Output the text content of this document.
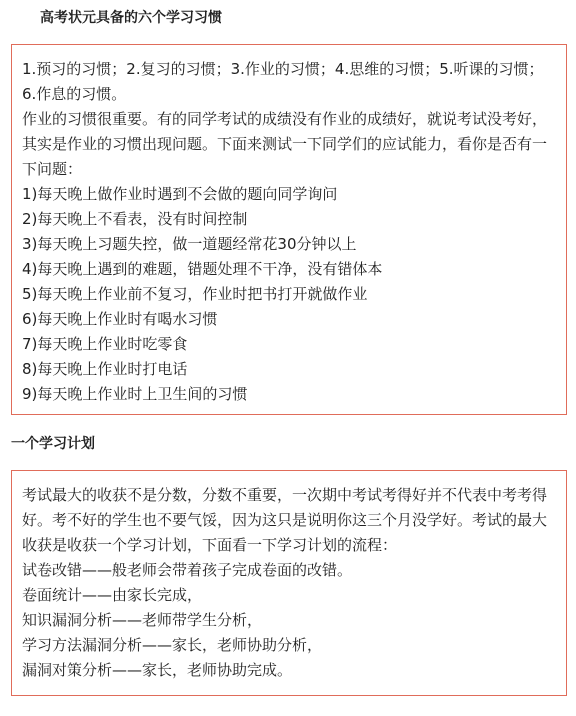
高考状元具备的六个学习习惯

1.预习的习惯；2.复习的习惯；3.作业的习惯；4.思维的习惯；5.听课的习惯；6.作息的习惯。

作业的习惯很重要。有的同学考试的成绩没有作业的成绩好，就说考试没考好，其实是作业的习惯出现问题。下面来测试一下同学们的应试能力，看你是否有一下问题：

1)每天晚上做作业时遇到不会做的题向同学询问

2)每天晚上不看表，没有时间控制

3)每天晚上习题失控，做一道题经常花30分钟以上

4)每天晚上遇到的难题，错题处理不干净，没有错体本

5)每天晚上作业前不复习，作业时把书打开就做作业

6)每天晚上作业时有喝水习惯

7)每天晚上作业时吃零食

8)每天晚上作业时打电话

9)每天晚上作业时上卫生间的习惯

一个学习计划

考试最大的收获不是分数，分数不重要，一次期中考试考得好并不代表中考考得好。考不好的学生也不要气馁，因为这只是说明你这三个月没学好。考试的最大收获是收获一个学习计划，下面看一下学习计划的流程：

试卷改错——般老师会带着孩子完成卷面的改错。

卷面统计——由家长完成，

知识漏洞分析——老师带学生分析，

学习方法漏洞分析——家长，老师协助分析，

漏洞对策分析——家长，老师协助完成。
